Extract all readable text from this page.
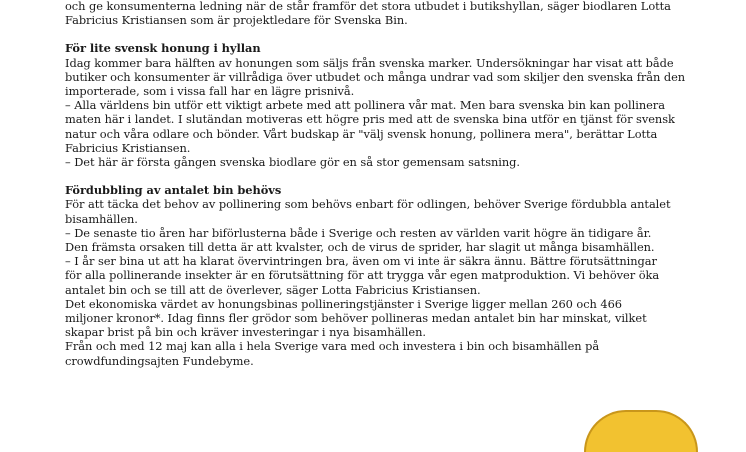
och ge konsumenterna ledning när de står framför det stora utbudet i butikshyllan, säger biodlaren Lotta
Fabricius Kristiansen som är projektledare för Svenska Bin.
För lite svensk honung i hyllan
Idag kommer bara hälften av honungen som säljs från svenska marker. Undersökningar har visat att både
butiker och konsumenter är villrådiga över utbudet och många undrar vad som skiljer den svenska från den
importerade, som i vissa fall har en lägre prisnivå.
– Alla världens bin utför ett viktigt arbete med att pollinera vår mat. Men bara svenska bin kan pollinera
maten här i landet. I slutändan motiveras ett högre pris med att de svenska bina utför en tjänst för svensk
natur och våra odlare och bönder. Vårt budskap är "välj svensk honung, pollinera mera", berättar Lotta
Fabricius Kristiansen.
– Det här är första gången svenska biodlare gör en så stor gemensam satsning.
Fördubbling av antalet bin behövs
För att täcka det behov av pollinering som behövs enbart för odlingen, behöver Sverige fördubbla antalet
bisamhällen.
– De senaste tio åren har biförlusterna både i Sverige och resten av världen varit högre än tidigare år.
Den främsta orsaken till detta är att kvalster, och de virus de sprider, har slagit ut många bisamhällen.
– I år ser bina ut att ha klarat övervintringen bra, även om vi inte är säkra ännu. Bättre förutsättningar
för alla pollinerande insekter är en förutsättning för att trygga vår egen matproduktion. Vi behöver öka
antalet bin och se till att de överlever, säger Lotta Fabricius Kristiansen.
Det ekonomiska värdet av honungsbinas pollineringstjänster i Sverige ligger mellan 260 och 466
miljoner kronor*. Idag finns fler grödor som behöver pollineras medan antalet bin har minskat, vilket
skapar brist på bin och kräver investeringar i nya bisamhällen.
Från och med 12 maj kan alla i hela Sverige vara med och investera i bin och bisamhällen på
crowdfundingsajten Fundebyme.
